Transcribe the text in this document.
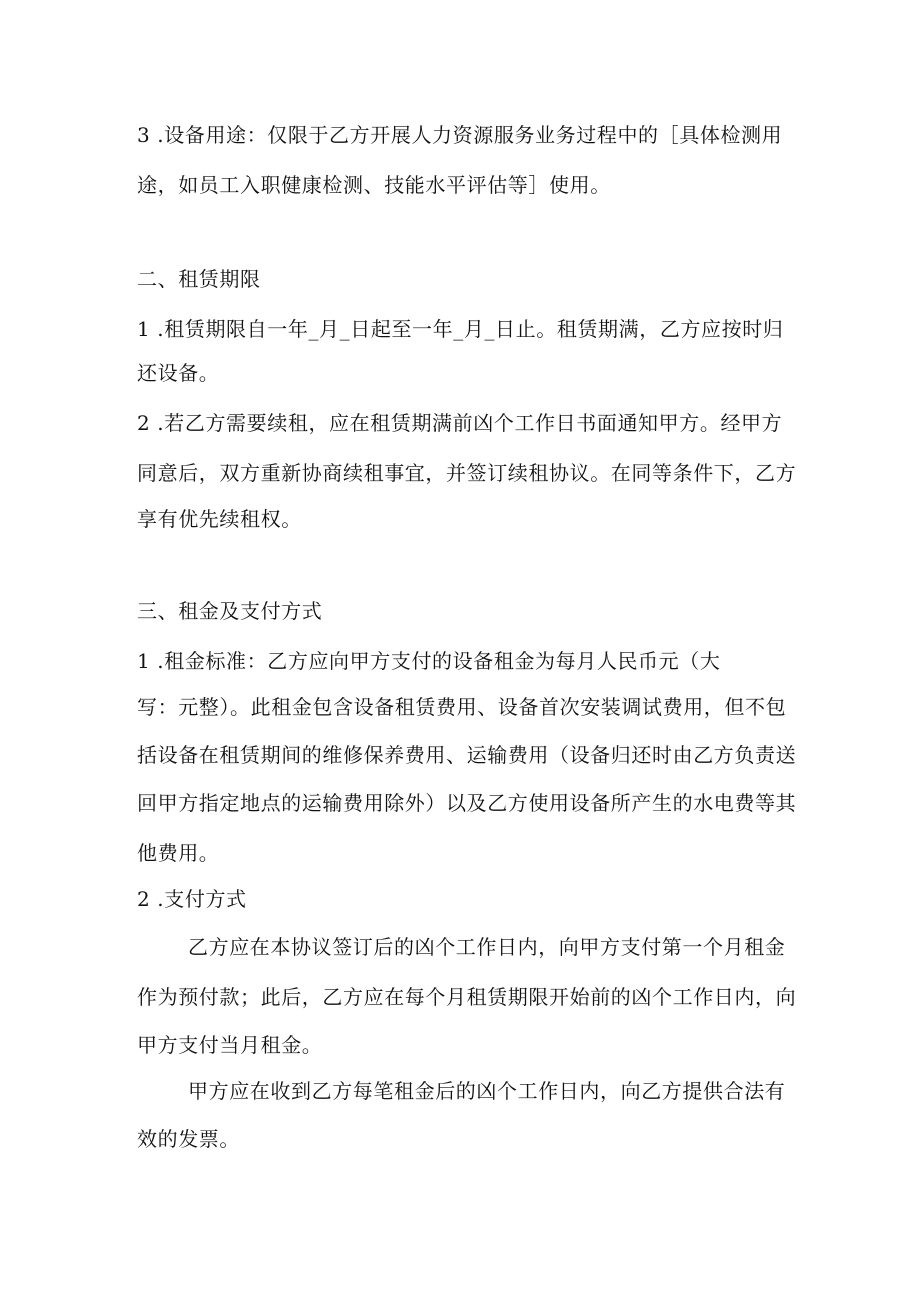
3 .设备用途：仅限于乙方开展人力资源服务业务过程中的［具体检测用
途，如员工入职健康检测、技能水平评估等］使用。
二、租赁期限
1 .租赁期限自一年_月_日起至一年_月_日止。租赁期满，乙方应按时归
还设备。
2 .若乙方需要续租，应在租赁期满前凶个工作日书面通知甲方。经甲方
同意后，双方重新协商续租事宜，并签订续租协议。在同等条件下，乙方
享有优先续租权。
三、租金及支付方式
1 .租金标准：乙方应向甲方支付的设备租金为每月人民币元（大
写：元整）。此租金包含设备租赁费用、设备首次安装调试费用，但不包
括设备在租赁期间的维修保养费用、运输费用（设备归还时由乙方负责送
回甲方指定地点的运输费用除外）以及乙方使用设备所产生的水电费等其
他费用。
2 .支付方式
乙方应在本协议签订后的凶个工作日内，向甲方支付第一个月租金
作为预付款；此后，乙方应在每个月租赁期限开始前的凶个工作日内，向
甲方支付当月租金。
甲方应在收到乙方每笔租金后的凶个工作日内，向乙方提供合法有
效的发票。
